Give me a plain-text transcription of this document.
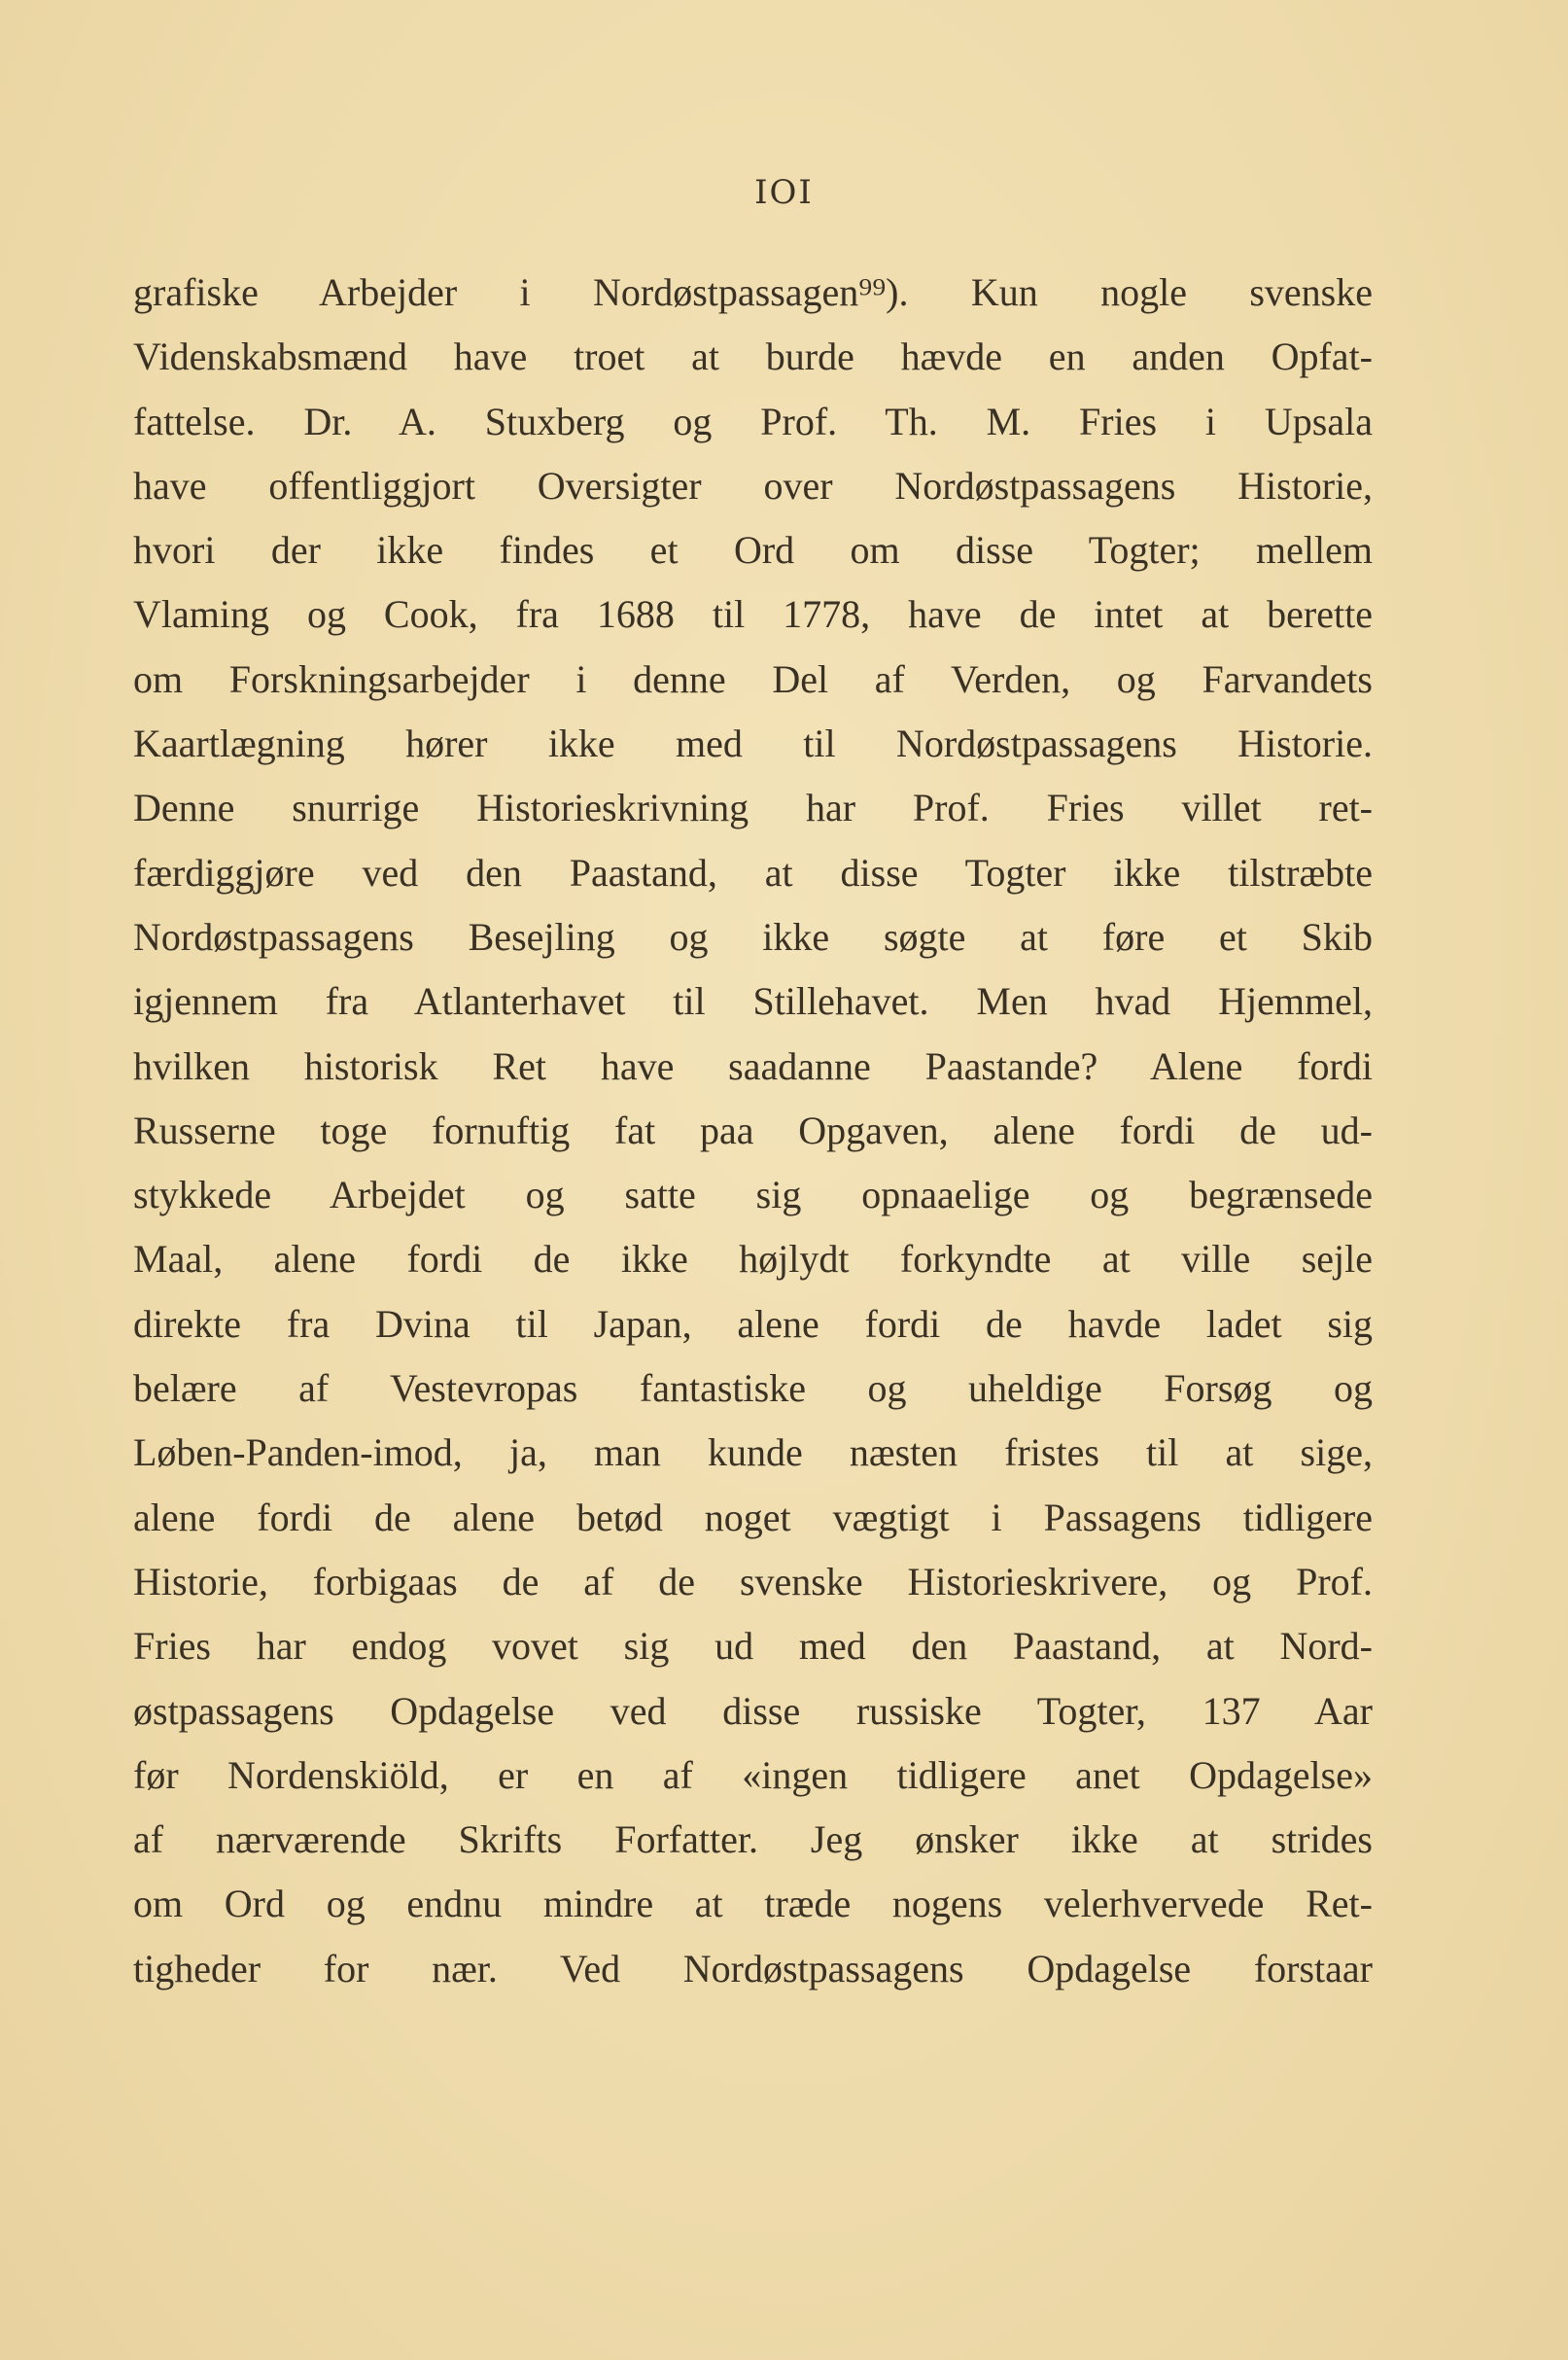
IOI
grafiske Arbejder i Nordøstpassagen⁹⁹). Kun nogle svenske
Videnskabsmænd have troet at burde hævde en anden Opfat-
fattelse. Dr. A. Stuxberg og Prof. Th. M. Fries i Upsala
have offentliggjort Oversigter over Nordøstpassagens Historie,
hvori der ikke findes et Ord om disse Togter; mellem
Vlaming og Cook, fra 1688 til 1778, have de intet at berette
om Forskningsarbejder i denne Del af Verden, og Farvandets
Kaartlægning hører ikke med til Nordøstpassagens Historie.
Denne snurrige Historieskrivning har Prof. Fries villet ret-
færdiggjøre ved den Paastand, at disse Togter ikke tilstræbte
Nordøstpassagens Besejling og ikke søgte at føre et Skib
igjennem fra Atlanterhavet til Stillehavet. Men hvad Hjemmel,
hvilken historisk Ret have saadanne Paastande? Alene fordi
Russerne toge fornuftig fat paa Opgaven, alene fordi de ud-
stykkede Arbejdet og satte sig opnaaelige og begrænsede
Maal, alene fordi de ikke højlydt forkyndte at ville sejle
direkte fra Dvina til Japan, alene fordi de havde ladet sig
belære af Vestevropas fantastiske og uheldige Forsøg og
Løben-Panden-imod, ja, man kunde næsten fristes til at sige,
alene fordi de alene betød noget vægtigt i Passagens tidligere
Historie, forbigaas de af de svenske Historieskrivere, og Prof.
Fries har endog vovet sig ud med den Paastand, at Nord-
østpassagens Opdagelse ved disse russiske Togter, 137 Aar
før Nordenskiöld, er en af «ingen tidligere anet Opdagelse»
af nærværende Skrifts Forfatter. Jeg ønsker ikke at strides
om Ord og endnu mindre at træde nogens velerhvervede Ret-
tigheder for nær. Ved Nordøstpassagens Opdagelse forstaar
